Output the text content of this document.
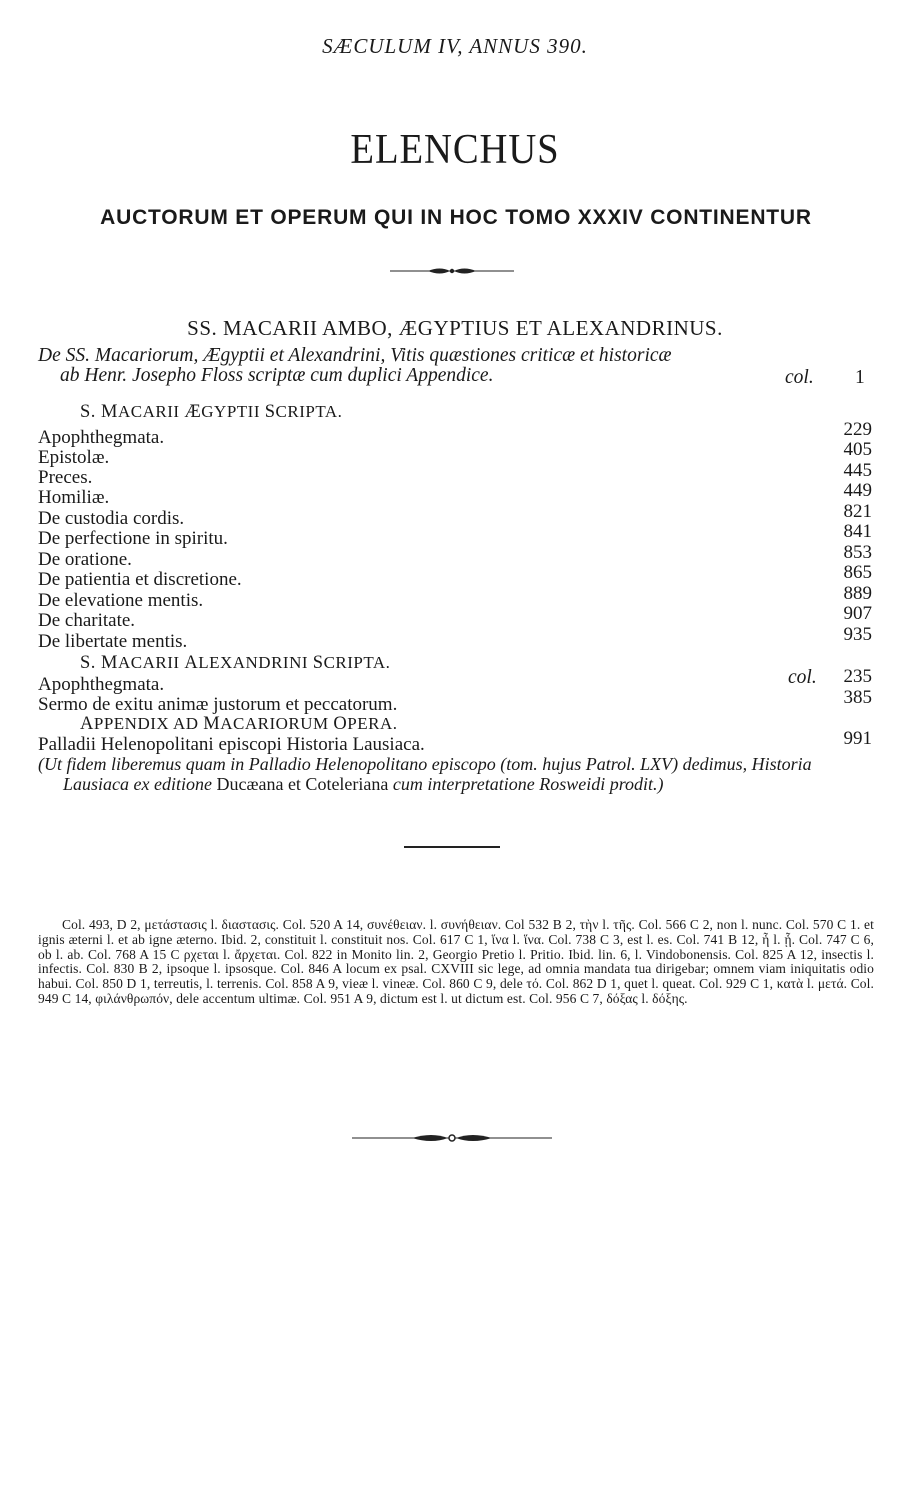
SÆCULUM IV, ANNUS 390.
ELENCHUS
AUCTORUM ET OPERUM QUI IN HOC TOMO XXXIV CONTINENTUR
SS. MACARII AMBO, ÆGYPTIUS ET ALEXANDRINUS.
De SS. Macariorum, Ægyptii et Alexandrini, Vitis quæstiones criticæ et historicæ
ab Henr. Josepho Floss scriptæ cum duplici Appendice.	col. 1
S. MACARII ÆGYPTII SCRIPTA.
Apophthegmata.	229
Epistolæ.	405
Preces.	445
Homiliæ.	449
De custodia cordis.	821
De perfectione in spiritu.	841
De oratione.	853
De patientia et discretione.	865
De elevatione mentis.	889
De charitate.	907
De libertate mentis.	935
S. MACARII ALEXANDRINI SCRIPTA.
Apophthegmata.	col. 235
Sermo de exitu animæ justorum et peccatorum.	385
APPENDIX AD MACARIORUM OPERA.
Palladii Helenopolitani episcopi Historia Lausiaca.	991
(Ut fidem liberemus quam in Palladio Helenopolitano episcopo (tom. hujus Patrol. LXV) dedimus, Historia
Lausiaca ex editione Ducæana et Coteleriana cum interpretatione Rosweidi prodit.)

Col. 493, D 2, μετάστασις l. διαστασις. Col. 520 A 14, συνέθειαν. l. συνήθειαν. Col 532 B 2, τὴν l. τῆς. Col. 566 C 2, non l. nunc. Col. 570 C 1. et ignis æterni l. et ab igne æterno. Ibid. 2, constituit l. constituit nos. Col. 617 C 1, ἵνα l. ἵνα. Col. 738 C 3, est l. es. Col. 741 B 12, ἦ l. ᾗ. Col. 747 C 6, ob l. ab. Col. 768 A 15 C ρχεται l. ἄρχεται. Col. 822 in Monito lin. 2, Georgio Pretio l. Pritio. Ibid. lin. 6, l. Vindobonensis. Col. 825 A 12, insectis l. infectis. Col. 830 B 2, ipsoque l. ipsosque. Col. 846 A locum ex psal. CXVIII sic lege, ad omnia mandata tua dirigebar; omnem viam iniquitatis odio habui. Col. 850 D 1, terreutis, l. terrenis. Col. 858 A 9, vieæ l. vineæ. Col. 860 C 9, dele τό. Col. 862 D 1, quet l. queat. Col. 929 C 1, κατὰ l. μετά. Col. 949 C 14, φιλάνθρωπόν, dele accentum ultimæ. Col. 951 A 9, dictum est l. ut dictum est. Col. 956 C 7, δόξας l. δόξης.
